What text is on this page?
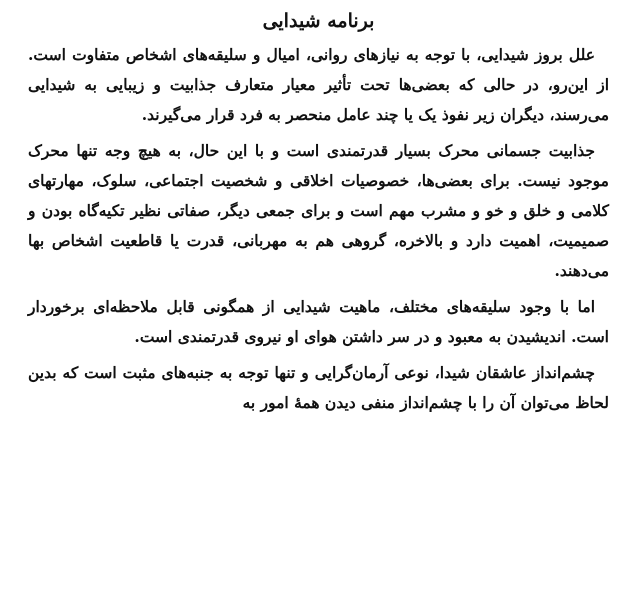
برنامه شیدایی

علل بروز شیدایی، با توجه به نیازهای روانی، امیال و سلیقه‌های اشخاص متفاوت است. از این‌رو، در حالی که بعضی‌ها تحت تأثیر معیار متعارف جذابیت و زیبایی به شیدایی می‌رسند، دیگران زیر نفوذ یک یا چند عامل منحصر به فرد قرار می‌گیرند.

جذابیت جسمانی محرک بسیار قدرتمندی است و با این حال، به هیچ وجه تنها محرک موجود نیست. برای بعضی‌ها، خصوصیات اخلاقی و شخصیت اجتماعی، سلوک، مهارتهای کلامی و خلق و خو و مشرب مهم است و برای جمعی دیگر، صفاتی نظیر تکیه‌گاه بودن و صمیمیت، اهمیت دارد و بالاخره، گروهی هم به مهربانی، قدرت یا قاطعیت اشخاص بها می‌دهند.

اما با وجود سلیقه‌های مختلف، ماهیت شیدایی از همگونی قابل ملاحظه‌ای برخوردار است. اندیشیدن به معبود و در سر داشتن هوای او نیروی قدرتمندی است.

چشم‌انداز عاشقان شیدا، نوعی آرمان‌گرایی و تنها توجه به جنبه‌های مثبت است که بدین لحاظ می‌توان آن را با چشم‌انداز منفی دیدن همهٔ امور به
